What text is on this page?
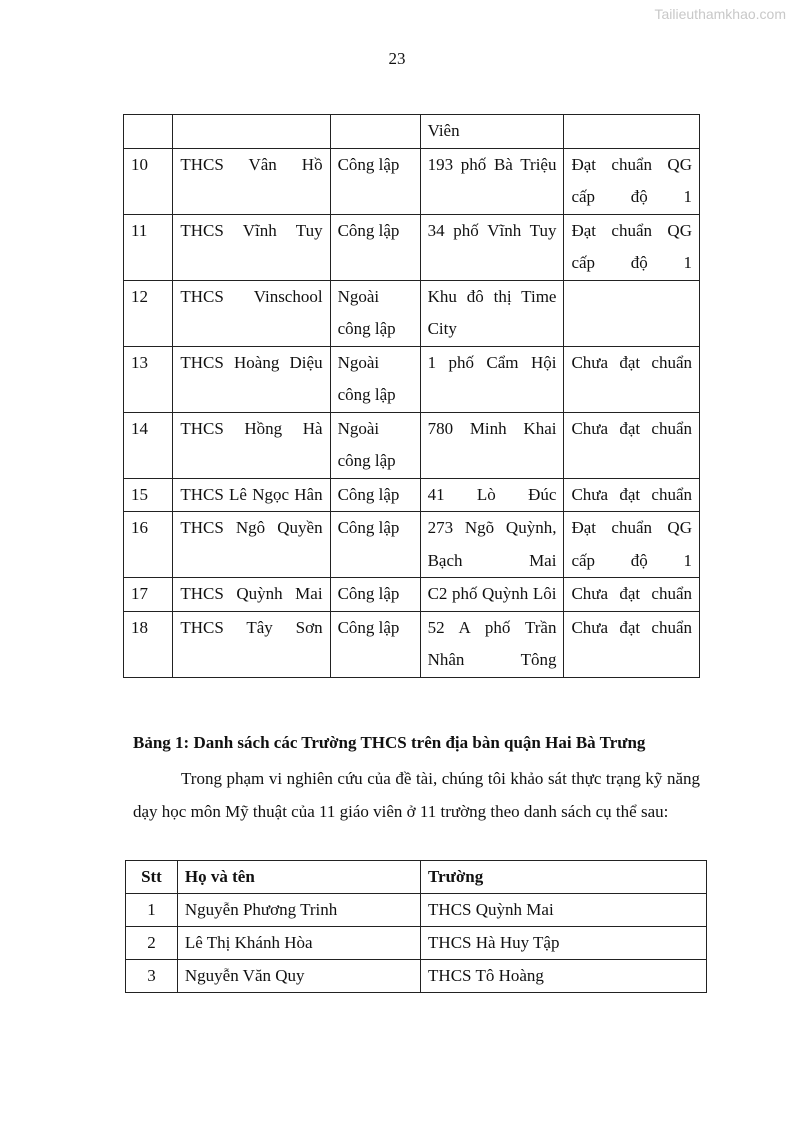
Tailieuthamkhao.com
23
			Viên	
10	THCS Vân Hồ	Công lập	193 phố Bà Triệu	Đạt chuẩn QG cấp độ 1
11	THCS Vĩnh Tuy	Công lập	34 phố Vĩnh Tuy	Đạt chuẩn QG cấp độ 1
12	THCS Vinschool	Ngoài công lập	Khu đô thị Time City	
13	THCS Hoàng Diệu	Ngoài công lập	1 phố Cẩm Hội	Chưa đạt chuẩn
14	THCS Hồng Hà	Ngoài công lập	780 Minh Khai	Chưa đạt chuẩn
15	THCS Lê Ngọc Hân	Công lập	41 Lò Đúc	Chưa đạt chuẩn
16	THCS Ngô Quyền	Công lập	273 Ngõ Quỳnh, Bạch Mai	Đạt chuẩn QG cấp độ 1
17	THCS Quỳnh Mai	Công lập	C2 phố Quỳnh Lôi	Chưa đạt chuẩn
18	THCS Tây Sơn	Công lập	52 A phố Trần Nhân Tông	Chưa đạt chuẩn
Bảng 1: Danh sách các Trường THCS trên địa bàn quận Hai Bà Trưng

Trong phạm vi nghiên cứu của đề tài, chúng tôi khảo sát thực trạng kỹ năng dạy học môn Mỹ thuật của 11 giáo viên ở 11 trường theo danh sách cụ thể sau:

Stt	Họ và tên	Trường
1	Nguyễn Phương Trinh	THCS Quỳnh Mai
2	Lê Thị Khánh Hòa	THCS Hà Huy Tập
3	Nguyễn Văn Quy	THCS Tô Hoàng
